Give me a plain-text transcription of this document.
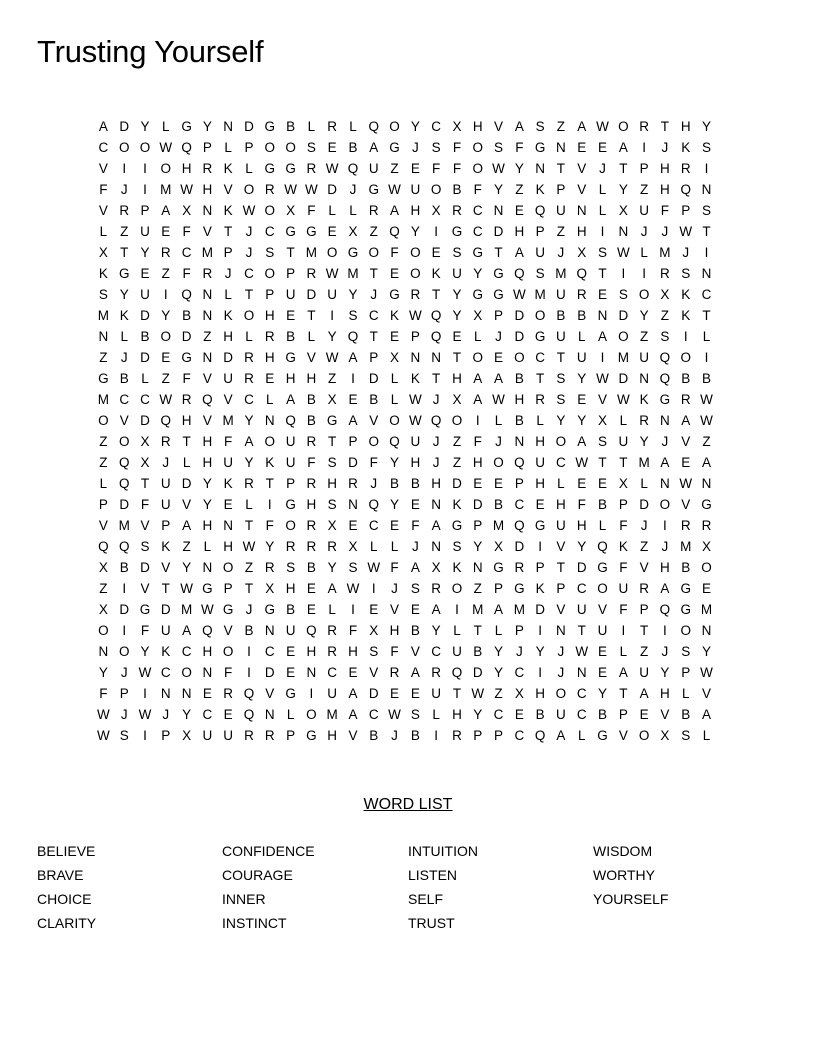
Trusting Yourself
A D Y L G Y N D G B L R L Q O Y C X H V A S Z A W O R T H Y
C O O W Q P L P O O S E B A G J S F O S F G N E E A	I	J K S
V	I	I	O H R K L G G R W Q U Z E F F O W Y N T V J T P H R	I
F J	I M W H V O R W W D J G W U O B F Y Z K P V L Y Z H Q N
V R P A X N K W O X F L L R A H X R C N E Q U N L X U F P S
L Z U E F V T J C G G E X Z Q Y	I	G C D H P Z H	I	N J	J W T
X T Y R C M P J S T M O G O F O E S G T A U J X S W L M J	I
K G E Z F R J C O P R W M T E O K U Y G Q S M Q T	I	I	R S N
S Y U	I	Q N L T P U D U Y J G R T Y G G W M U R E S O X K C
M K D Y B N K O H E T	I	S C K W Q Y X P D O B B N D Y Z K T
N L B O D Z H L R B L Y Q T E P Q E L	J D G U L A O Z S	I	L
Z J D E G N D R H G V W A P X N N T O E O C T U	I M U Q O	I
G B L Z F V U R E H H Z	I	D L K T H A A B T S Y W D N Q B B
M C C W R Q V C L A B X E B L W J X A W H R S E V W K G R W
O V D Q H V M Y N Q B G A V O W Q O	I	L B L Y Y X L R N A W
Z O X R T H F A O U R T P O Q U J Z F J N H O A S U Y J V Z
Z Q X J	L H U Y K U F S D F Y H J Z H O Q U C W T T M A E A
L Q T U D Y K R T P R H R J B B H D E E P H L E E X L N W N
P D F U V Y E L	I	G H S N Q Y E N K D B C E H F B P D O V G
V M V P A H N T F O R X E C E F A G P M Q G U H L F J	I	R R
Q Q S K Z L H W Y R R R X L L	J N S Y X D	I	V Y Q K Z J M X
X B D V Y N O Z R S B Y S W F A X K N G R P T D G F V H B O
Z	I	V T W G P T X H E A W I	J S R O Z P G K P C O U R A G E
X D G D M W G J G B E L	I	E V E A	I M A M D V U V F P Q G M
O	I	F U A Q V B N U Q R F X H B Y L T L P	I	N T U	I	T	I	O N
N O Y K C H O	I	C E H R H S F V C U B Y J Y J W E L Z J S Y
Y J W C O N F	I	D E N C E V R A R Q D Y C	I	J N E A U Y P W
F P	I	N N E R Q V G	I	U A D E E U T W Z X H O C Y T A H L V
W J W J Y C E Q N L O M A C W S L H Y C E B U C B P E V B A
W S	I	P X U U R R P G H V B J B	I	R P P C Q A L G V O X S L
WORD LIST
BELIEVE
BRAVE
CHOICE
CLARITY
CONFIDENCE
COURAGE
INNER
INSTINCT
INTUITION
LISTEN
SELF
TRUST
WISDOM
WORTHY
YOURSELF
